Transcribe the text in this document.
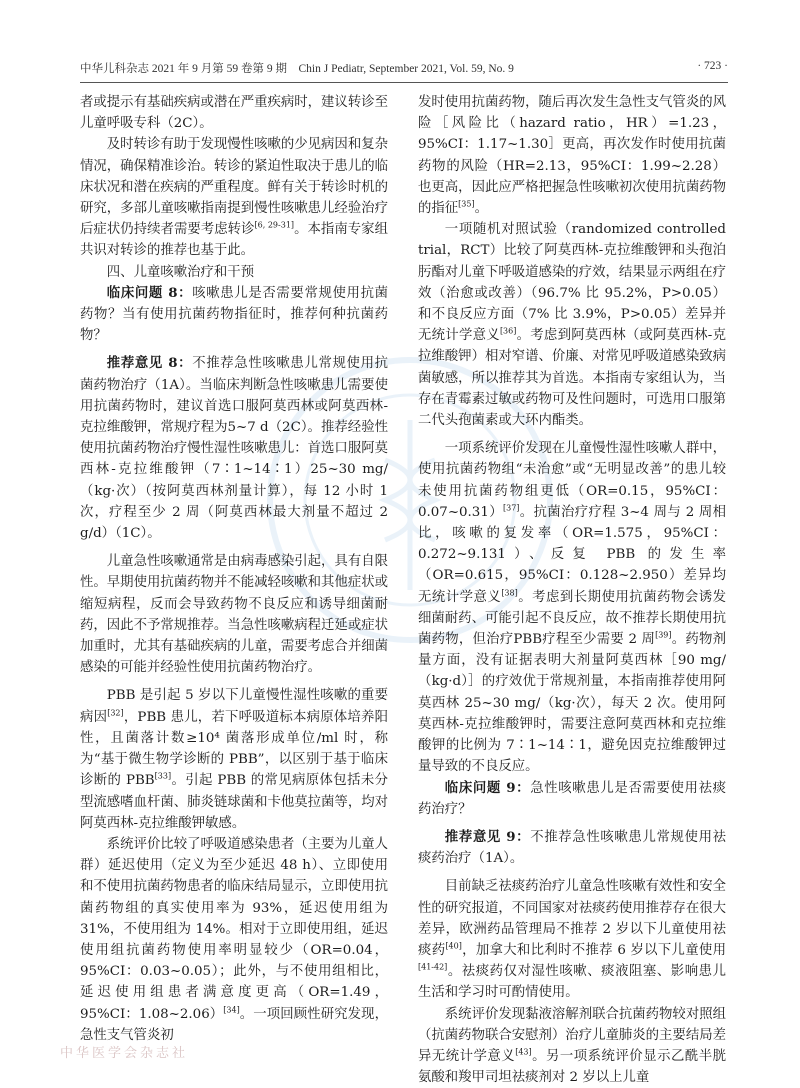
中华儿科杂志 2021 年 9 月第 59 卷第 9 期　Chin J Pediatr, September 2021, Vol. 59, No. 9	· 723 ·

者或提示有基础疾病或潜在严重疾病时，建议转诊至儿童呼吸专科（2C）。

及时转诊有助于发现慢性咳嗽的少见病因和复杂情况，确保精准诊治。转诊的紧迫性取决于患儿的临床状况和潜在疾病的严重程度。鲜有关于转诊时机的研究，多部儿童咳嗽指南提到慢性咳嗽患儿经验治疗后症状仍持续者需要考虑转诊[6, 29-31]。本指南专家组共识对转诊的推荐也基于此。

四、儿童咳嗽治疗和干预

临床问题 8：咳嗽患儿是否需要常规使用抗菌药物？当有使用抗菌药物指征时，推荐何种抗菌药物？

推荐意见 8：不推荐急性咳嗽患儿常规使用抗菌药物治疗（1A）。当临床判断急性咳嗽患儿需要使用抗菌药物时，建议首选口服阿莫西林或阿莫西林-克拉维酸钾，常规疗程为5~7 d（2C）。推荐经验性使用抗菌药物治疗慢性湿性咳嗽患儿：首选口服阿莫西林-克拉维酸钾（7∶1~14∶1）25~30 mg/（kg·次）（按阿莫西林剂量计算），每 12 小时 1 次，疗程至少 2 周（阿莫西林最大剂量不超过 2 g/d）（1C）。

儿童急性咳嗽通常是由病毒感染引起，具有自限性。早期使用抗菌药物并不能减轻咳嗽和其他症状或缩短病程，反而会导致药物不良反应和诱导细菌耐药，因此不予常规推荐。当急性咳嗽病程迁延或症状加重时，尤其有基础疾病的儿童，需要考虑合并细菌感染的可能并经验性使用抗菌药物治疗。

PBB 是引起 5 岁以下儿童慢性湿性咳嗽的重要病因[32]，PBB 患儿，若下呼吸道标本病原体培养阳性，且菌落计数≥10⁴ 菌落形成单位/ml 时，称为“基于微生物学诊断的 PBB”，以区别于基于临床诊断的 PBB[33]。引起 PBB 的常见病原体包括未分型流感嗜血杆菌、肺炎链球菌和卡他莫拉菌等，均对阿莫西林-克拉维酸钾敏感。

系统评价比较了呼吸道感染患者（主要为儿童人群）延迟使用（定义为至少延迟 48 h）、立即使用和不使用抗菌药物患者的临床结局显示，立即使用抗菌药物组的真实使用率为 93%，延迟使用组为 31%，不使用组为 14%。相对于立即使用组，延迟使用组抗菌药物使用率明显较少（OR=0.04，95%CI：0.03~0.05）；此外，与不使用组相比，延迟使用组患者满意度更高（OR=1.49，95%CI：1.08~2.06）[34]。一项回顾性研究发现，急性支气管炎初

发时使用抗菌药物，随后再次发生急性支气管炎的风险［风险比（hazard ratio，HR）=1.23，95%CI：1.17~1.30］更高，再次发作时使用抗菌药物的风险（HR=2.13，95%CI：1.99~2.28）也更高，因此应严格把握急性咳嗽初次使用抗菌药物的指征[35]。

一项随机对照试验（randomized controlled trial，RCT）比较了阿莫西林-克拉维酸钾和头孢泊肟酯对儿童下呼吸道感染的疗效，结果显示两组在疗效（治愈或改善）（96.7% 比 95.2%，P>0.05）和不良反应方面（7% 比 3.9%，P>0.05）差异并无统计学意义[36]。考虑到阿莫西林（或阿莫西林-克拉维酸钾）相对窄谱、价廉、对常见呼吸道感染致病菌敏感，所以推荐其为首选。本指南专家组认为，当存在青霉素过敏或药物可及性问题时，可选用口服第二代头孢菌素或大环内酯类。

一项系统评价发现在儿童慢性湿性咳嗽人群中，使用抗菌药物组“未治愈”或“无明显改善”的患儿较未使用抗菌药物组更低（OR=0.15，95%CI：0.07~0.31）[37]。抗菌治疗疗程 3~4 周与 2 周相比，咳嗽的复发率（OR=1.575，95%CI：0.272~9.131）、反复 PBB 的发生率（OR=0.615，95%CI：0.128~2.950）差异均无统计学意义[38]。考虑到长期使用抗菌药物会诱发细菌耐药、可能引起不良反应，故不推荐长期使用抗菌药物，但治疗PBB疗程至少需要 2 周[39]。药物剂量方面，没有证据表明大剂量阿莫西林［90 mg/（kg·d）］的疗效优于常规剂量，本指南推荐使用阿莫西林 25~30 mg/（kg·次），每天 2 次。使用阿莫西林-克拉维酸钾时，需要注意阿莫西林和克拉维酸钾的比例为 7∶1~14∶1，避免因克拉维酸钾过量导致的不良反应。

临床问题 9：急性咳嗽患儿是否需要使用祛痰药治疗？

推荐意见 9：不推荐急性咳嗽患儿常规使用祛痰药治疗（1A）。

目前缺乏祛痰药治疗儿童急性咳嗽有效性和安全性的研究报道，不同国家对祛痰药使用推荐存在很大差异，欧洲药品管理局不推荐 2 岁以下儿童使用祛痰药[40]，加拿大和比利时不推荐 6 岁以下儿童使用[41-42]。祛痰药仅对湿性咳嗽、痰液阻塞、影响患儿生活和学习时可酌情使用。

系统评价发现黏液溶解剂联合抗菌药物较对照组（抗菌药物联合安慰剂）治疗儿童肺炎的主要结局差异无统计学意义[43]。另一项系统评价显示乙酰半胱氨酸和羧甲司坦祛痰剂对 2 岁以上儿童

中华医学会杂志社
